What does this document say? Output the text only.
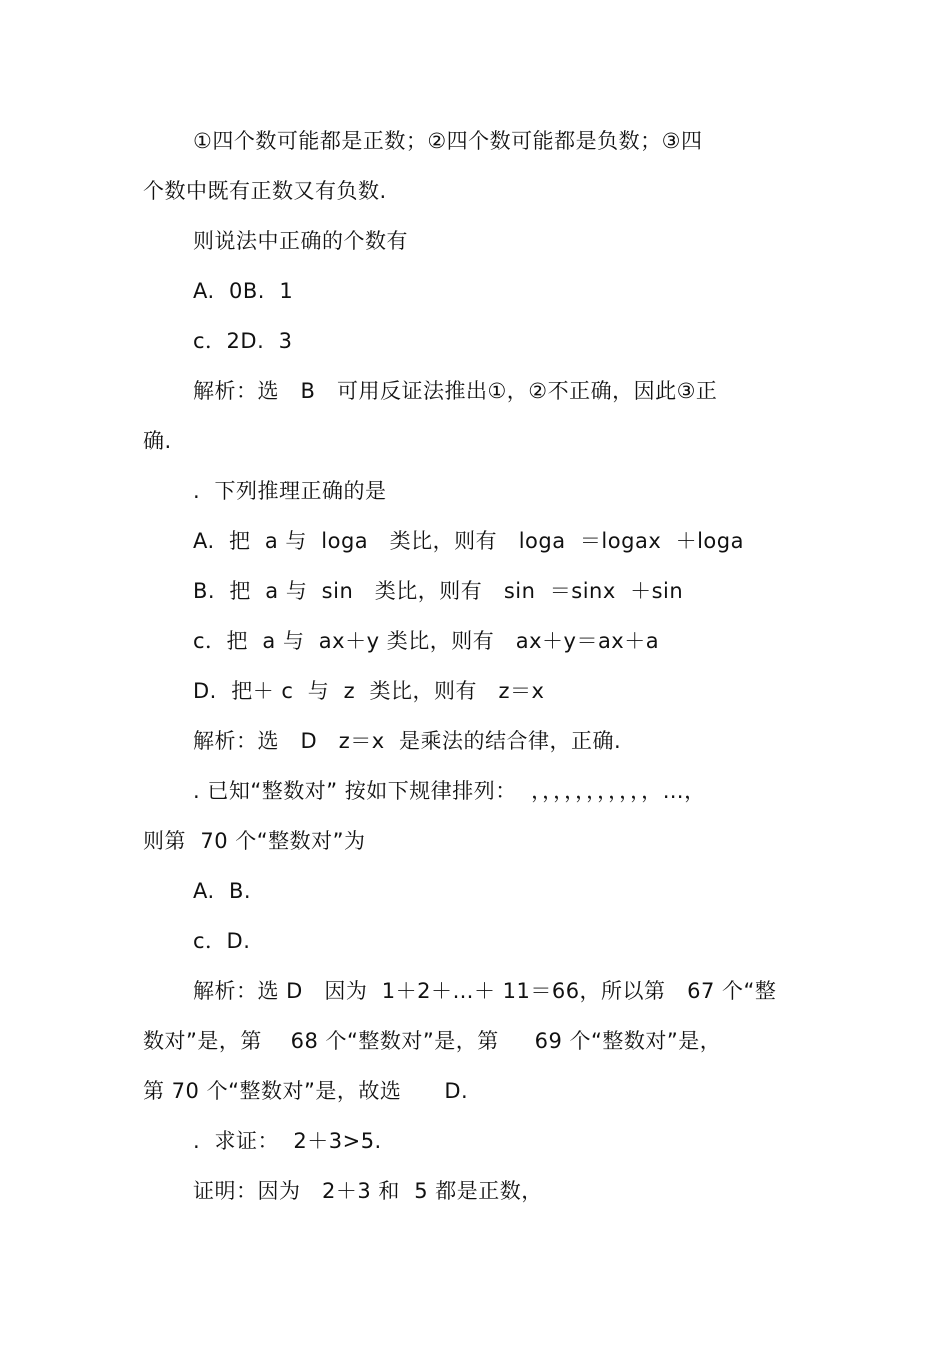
①四个数可能都是正数；②四个数可能都是负数；③四
个数中既有正数又有负数.
则说法中正确的个数有
A.  0B.  1
c．2D.  3
解析：选   B   可用反证法推出①，②不正确，因此③正
确.
.  下列推理正确的是
A.  把  a 与  loga   类比，则有   loga  ＝logax  ＋loga
B.  把  a 与  sin   类比，则有   sin  ＝sinx  ＋sin
c．把  a 与  ax＋y 类比，则有   ax＋y＝ax＋a
D.  把＋ c  与  z  类比，则有   z＝x
解析：选   D   z＝x  是乘法的结合律，正确.
. 已知“整数对” 按如下规律排列：  ，，，，，，，，，，，…，
则第  70 个“整数对”为
A.  B.
c．D.
解析：选 D   因为  1＋2＋…＋ 11＝66，所以第   67 个“整
数对”是，第    68 个“整数对”是，第     69 个“整数对”是，
第 70 个“整数对”是，故选      D.
.  求证：  2＋3>5.
证明：因为   2＋3 和  5 都是正数，
